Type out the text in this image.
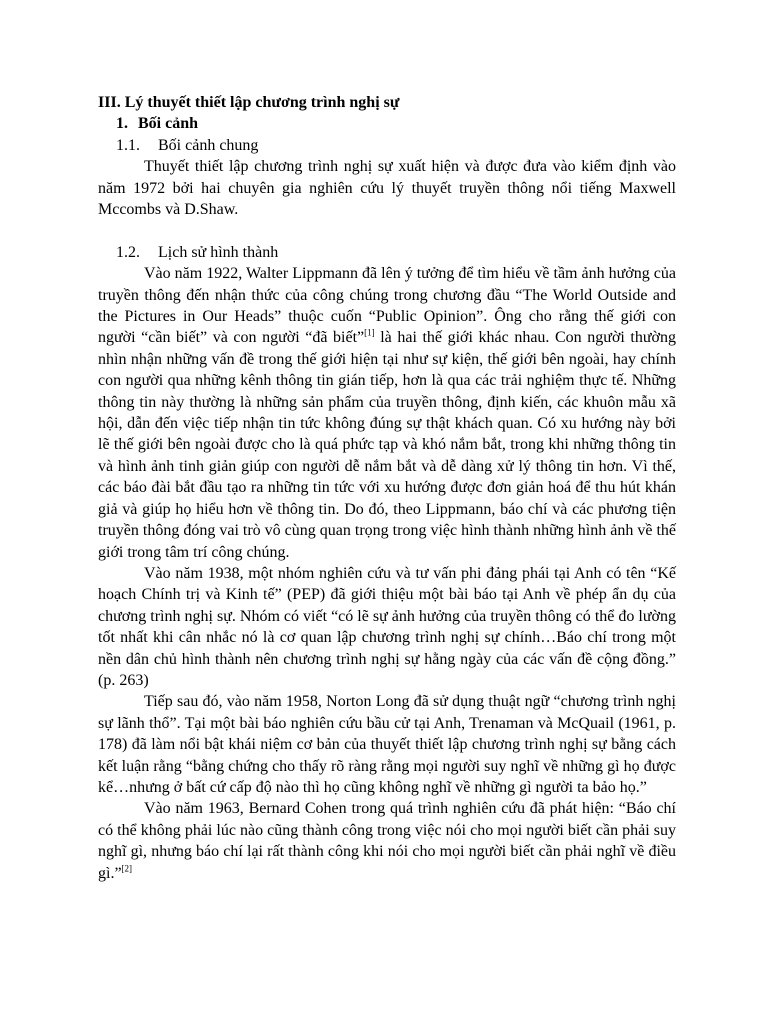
III. Lý thuyết thiết lập chương trình nghị sự
1. Bối cảnh
1.1. Bối cảnh chung

Thuyết thiết lập chương trình nghị sự xuất hiện và được đưa vào kiểm định vào năm 1972 bởi hai chuyên gia nghiên cứu lý thuyết truyền thông nổi tiếng Maxwell Mccombs và D.Shaw.

1.2. Lịch sử hình thành

Vào năm 1922, Walter Lippmann đã lên ý tưởng để tìm hiểu về tầm ảnh hưởng của truyền thông đến nhận thức của công chúng trong chương đầu “The World Outside and the Pictures in Our Heads” thuộc cuốn “Public Opinion”. Ông cho rằng thế giới con người “cần biết” và con người “đã biết”[1] là hai thế giới khác nhau. Con người thường nhìn nhận những vấn đề trong thế giới hiện tại như sự kiện, thế giới bên ngoài, hay chính con người qua những kênh thông tin gián tiếp, hơn là qua các trải nghiệm thực tế. Những thông tin này thường là những sản phẩm của truyền thông, định kiến, các khuôn mẫu xã hội, dẫn đến việc tiếp nhận tin tức không đúng sự thật khách quan. Có xu hướng này bởi lẽ thế giới bên ngoài được cho là quá phức tạp và khó nắm bắt, trong khi những thông tin và hình ảnh tinh giản giúp con người dễ nắm bắt và dễ dàng xử lý thông tin hơn. Vì thế, các báo đài bắt đầu tạo ra những tin tức với xu hướng được đơn giản hoá để thu hút khán giả và giúp họ hiểu hơn về thông tin. Do đó, theo Lippmann, báo chí và các phương tiện truyền thông đóng vai trò vô cùng quan trọng trong việc hình thành những hình ảnh về thế giới trong tâm trí công chúng.

Vào năm 1938, một nhóm nghiên cứu và tư vấn phi đảng phái tại Anh có tên “Kế hoạch Chính trị và Kinh tế” (PEP) đã giới thiệu một bài báo tại Anh về phép ẩn dụ của chương trình nghị sự. Nhóm có viết “có lẽ sự ảnh hưởng của truyền thông có thể đo lường tốt nhất khi cân nhắc nó là cơ quan lập chương trình nghị sự chính…Báo chí trong một nền dân chủ hình thành nên chương trình nghị sự hằng ngày của các vấn đề cộng đồng.” (p. 263)

Tiếp sau đó, vào năm 1958, Norton Long đã sử dụng thuật ngữ “chương trình nghị sự lãnh thổ”. Tại một bài báo nghiên cứu bầu cử tại Anh, Trenaman và McQuail (1961, p. 178) đã làm nổi bật khái niệm cơ bản của thuyết thiết lập chương trình nghị sự bằng cách kết luận rằng “bằng chứng cho thấy rõ ràng rằng mọi người suy nghĩ về những gì họ được kể…nhưng ở bất cứ cấp độ nào thì họ cũng không nghĩ về những gì người ta bảo họ.”

Vào năm 1963, Bernard Cohen trong quá trình nghiên cứu đã phát hiện: “Báo chí có thể không phải lúc nào cũng thành công trong việc nói cho mọi người biết cần phải suy nghĩ gì, nhưng báo chí lại rất thành công khi nói cho mọi người biết cần phải nghĩ về điều gì.”[2]
